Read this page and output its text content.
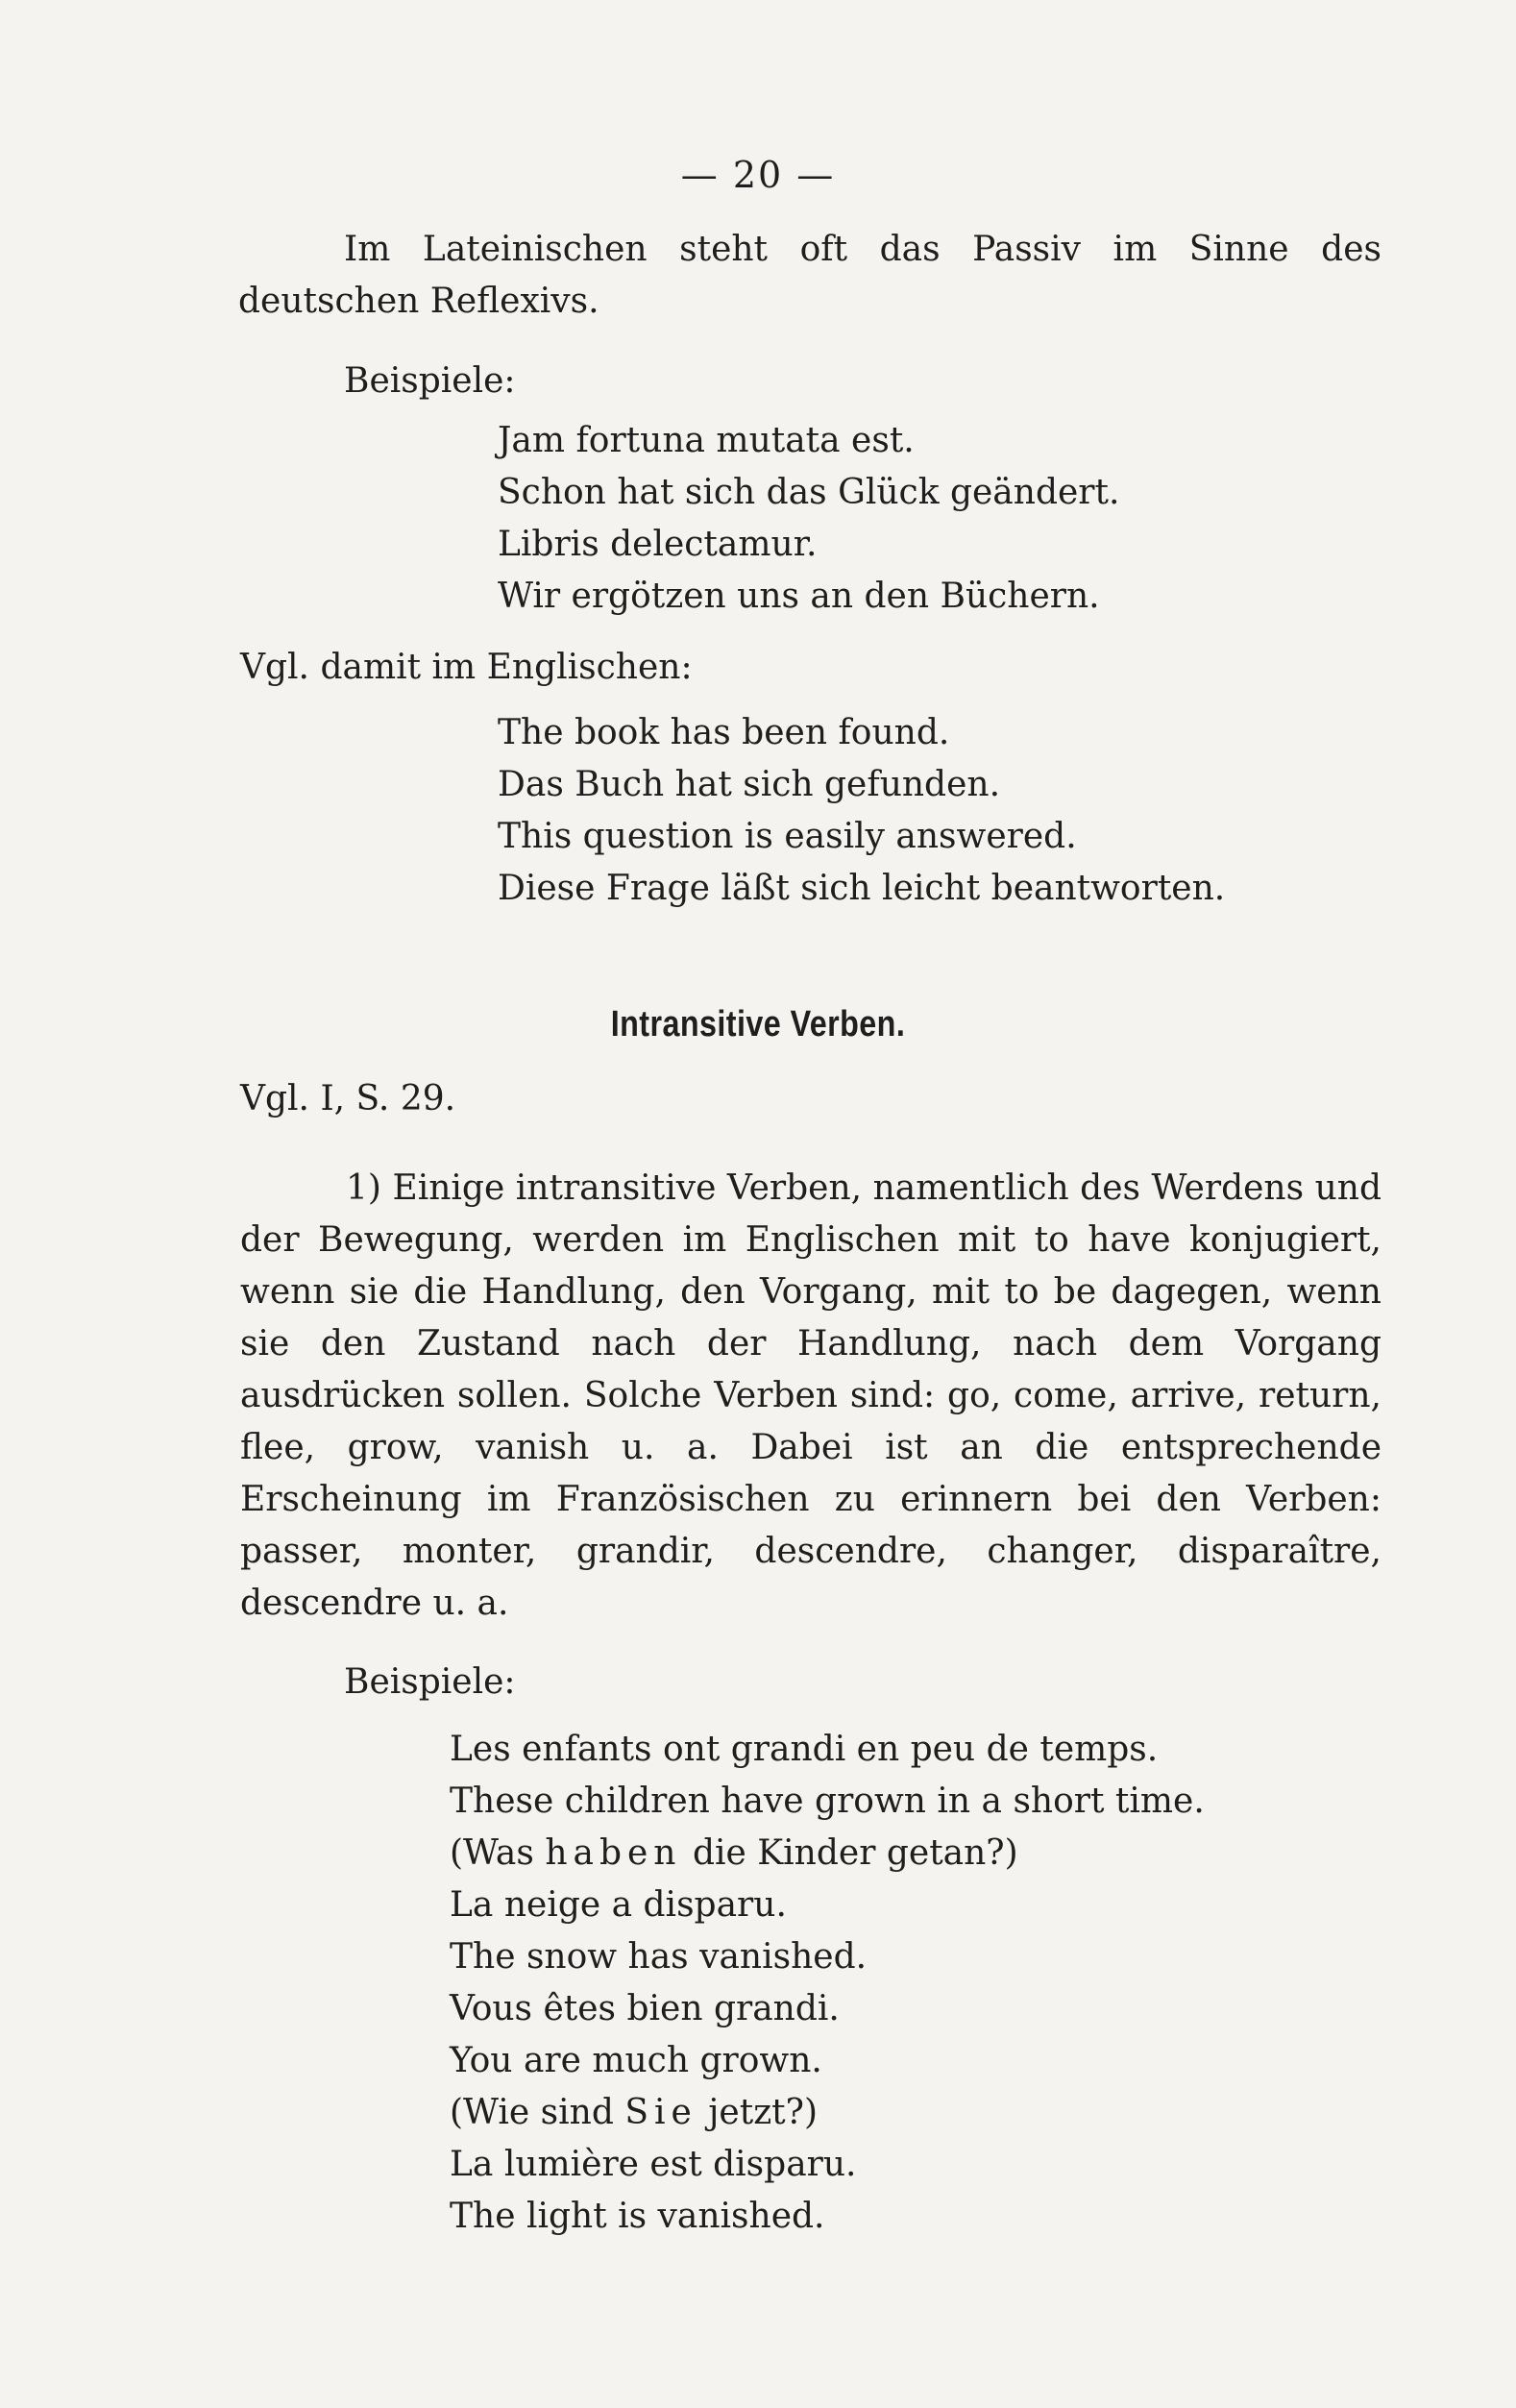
— 20 —
Im Lateinischen steht oft das Passiv im Sinne des deutschen Reflexivs.
Beispiele:
Jam fortuna mutata est.
Schon hat sich das Glück geändert.
Libris delectamur.
Wir ergötzen uns an den Büchern.
Vgl. damit im Englischen:
The book has been found.
Das Buch hat sich gefunden.
This question is easily answered.
Diese Frage läßt sich leicht beantworten.
Intransitive Verben.
Vgl. I, S. 29.
1) Einige intransitive Verben, namentlich des Werdens und der Bewegung, werden im Englischen mit to have konjugiert, wenn sie die Handlung, den Vorgang, mit to be dagegen, wenn sie den Zustand nach der Handlung, nach dem Vorgang ausdrücken sollen. Solche Verben sind: go, come, arrive, return, flee, grow, vanish u. a. Dabei ist an die entsprechende Erscheinung im Französischen zu erinnern bei den Verben: passer, monter, grandir, descendre, changer, disparaître, descendre u. a.
Beispiele:
Les enfants ont grandi en peu de temps.
These children have grown in a short time.
(Was haben die Kinder getan?)
La neige a disparu.
The snow has vanished.
Vous êtes bien grandi.
You are much grown.
(Wie sind Sie jetzt?)
La lumière est disparu.
The light is vanished.
